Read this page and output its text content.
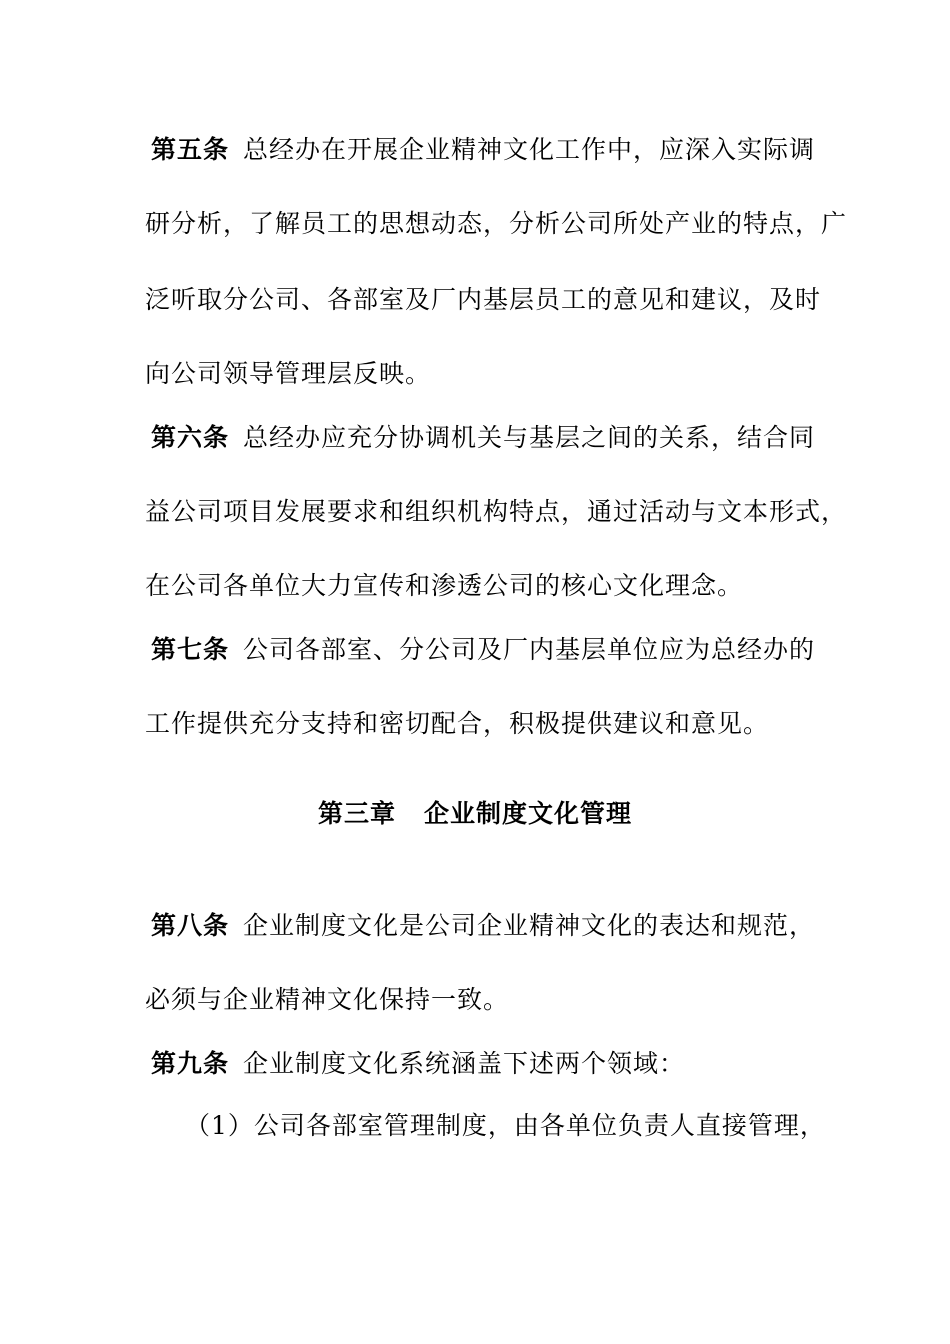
第五条 总经办在开展企业精神文化工作中，应深入实际调
研分析，了解员工的思想动态，分析公司所处产业的特点，广
泛听取分公司、各部室及厂内基层员工的意见和建议，及时
向公司领导管理层反映。
第六条 总经办应充分协调机关与基层之间的关系，结合同
益公司项目发展要求和组织机构特点，通过活动与文本形式，
在公司各单位大力宣传和渗透公司的核心文化理念。
第七条 公司各部室、分公司及厂内基层单位应为总经办的
工作提供充分支持和密切配合，积极提供建议和意见。
第三章 企业制度文化管理
第八条 企业制度文化是公司企业精神文化的表达和规范，
必须与企业精神文化保持一致。
第九条 企业制度文化系统涵盖下述两个领域：
（1）公司各部室管理制度，由各单位负责人直接管理，
